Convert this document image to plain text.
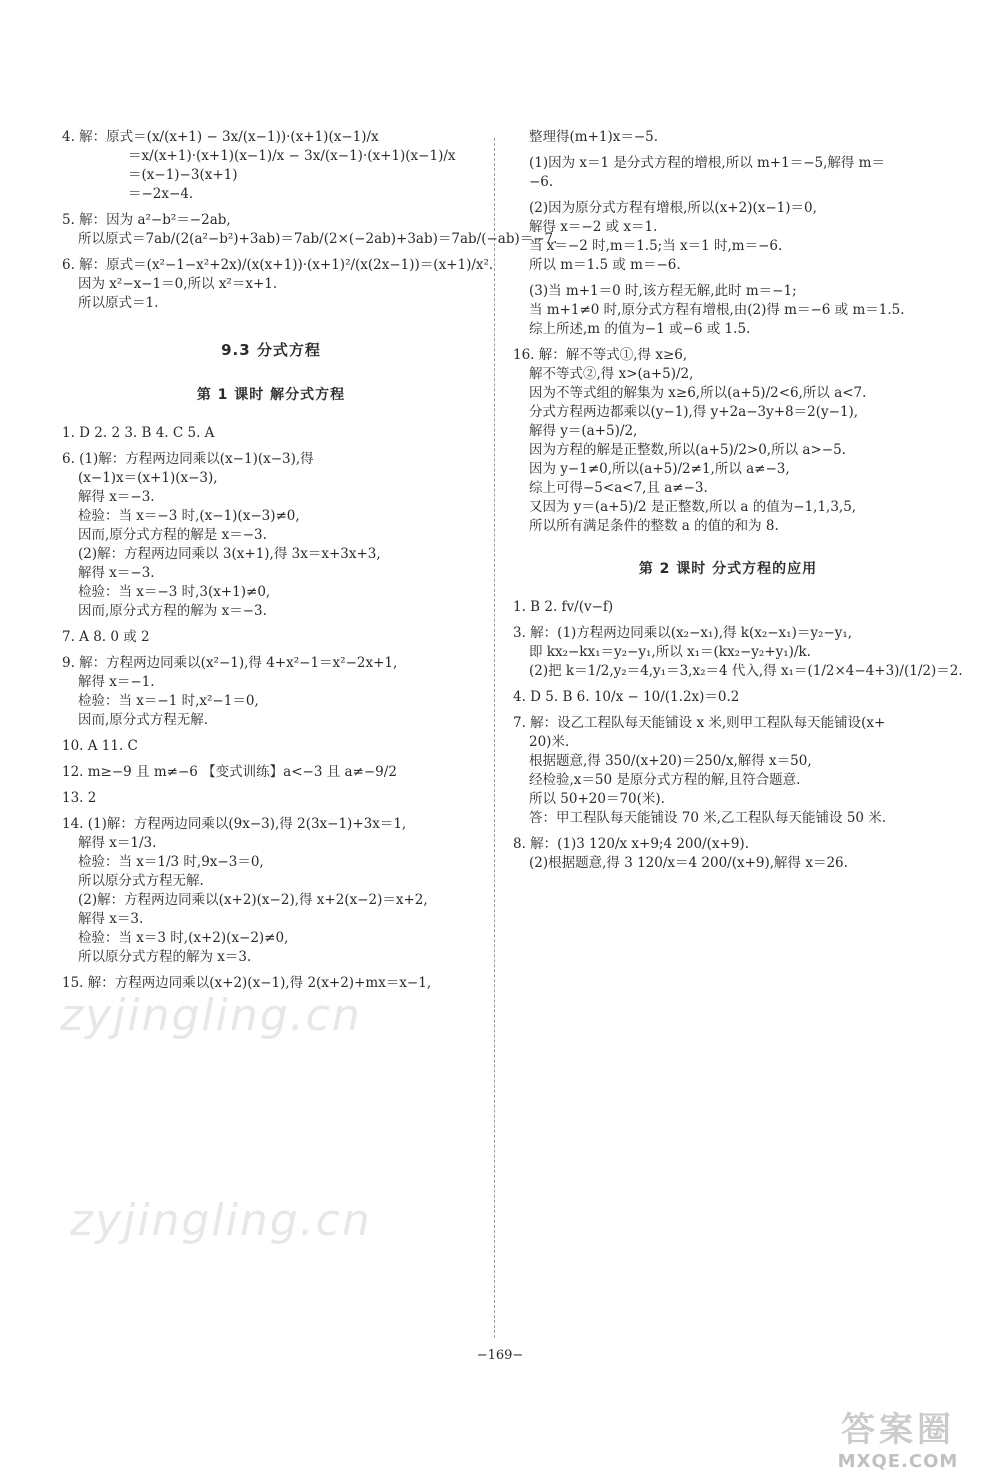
4. 解：原式＝(x/(x+1) − 3x/(x−1))·(x+1)(x−1)/x
＝x/(x+1)·(x+1)(x−1)/x − 3x/(x−1)·(x+1)(x−1)/x
＝(x−1)−3(x+1)
＝−2x−4.
5. 解：因为 a²−b²＝−2ab,
所以原式＝7ab/(2(a²−b²)+3ab)＝7ab/(2×(−2ab)+3ab)＝7ab/(−ab)＝−7.
6. 解：原式＝(x²−1−x²+2x)/(x(x+1))·(x+1)²/(x(2x−1))＝(x+1)/x².
因为 x²−x−1＝0,所以 x²＝x+1.
所以原式＝1.
9.3 分式方程
第 1 课时 解分式方程
1. D 2. 2 3. B 4. C 5. A
6. (1)解：方程两边同乘以(x−1)(x−3),得
(x−1)x＝(x+1)(x−3),
解得 x＝−3.
检验：当 x＝−3 时,(x−1)(x−3)≠0,
因而,原分式方程的解是 x＝−3.
(2)解：方程两边同乘以 3(x+1),得 3x＝x+3x+3,
解得 x＝−3.
检验：当 x＝−3 时,3(x+1)≠0,
因而,原分式方程的解为 x＝−3.
7. A 8. 0 或 2
9. 解：方程两边同乘以(x²−1),得 4+x²−1＝x²−2x+1,
解得 x＝−1.
检验：当 x＝−1 时,x²−1＝0,
因而,原分式方程无解.
10. A 11. C
12. m≥−9 且 m≠−6 【变式训练】a<−3 且 a≠−9/2
13. 2
14. (1)解：方程两边同乘以(9x−3),得 2(3x−1)+3x＝1,
解得 x＝1/3.
检验：当 x＝1/3 时,9x−3＝0,
所以原分式方程无解.
(2)解：方程两边同乘以(x+2)(x−2),得 x+2(x−2)＝x+2,
解得 x＝3.
检验：当 x＝3 时,(x+2)(x−2)≠0,
所以原分式方程的解为 x＝3.
15. 解：方程两边同乘以(x+2)(x−1),得 2(x+2)+mx＝x−1,
整理得(m+1)x＝−5.
(1)因为 x＝1 是分式方程的增根,所以 m+1＝−5,解得 m＝
−6.
(2)因为原分式方程有增根,所以(x+2)(x−1)＝0,
解得 x＝−2 或 x＝1.
当 x＝−2 时,m＝1.5;当 x＝1 时,m＝−6.
所以 m＝1.5 或 m＝−6.
(3)当 m+1＝0 时,该方程无解,此时 m＝−1;
当 m+1≠0 时,原分式方程有增根,由(2)得 m＝−6 或 m＝1.5.
综上所述,m 的值为−1 或−6 或 1.5.
16. 解：解不等式①,得 x≥6,
解不等式②,得 x>(a+5)/2,
因为不等式组的解集为 x≥6,所以(a+5)/2<6,所以 a<7.
分式方程两边都乘以(y−1),得 y+2a−3y+8＝2(y−1),
解得 y＝(a+5)/2,
因为方程的解是正整数,所以(a+5)/2>0,所以 a>−5.
因为 y−1≠0,所以(a+5)/2≠1,所以 a≠−3,
综上可得−5<a<7,且 a≠−3.
又因为 y＝(a+5)/2 是正整数,所以 a 的值为−1,1,3,5,
所以所有满足条件的整数 a 的值的和为 8.
第 2 课时 分式方程的应用
1. B 2. fv/(v−f)
3. 解：(1)方程两边同乘以(x₂−x₁),得 k(x₂−x₁)＝y₂−y₁,
即 kx₂−kx₁＝y₂−y₁,所以 x₁＝(kx₂−y₂+y₁)/k.
(2)把 k＝1/2,y₂＝4,y₁＝3,x₂＝4 代入,得 x₁＝(1/2×4−4+3)/(1/2)＝2.
4. D 5. B 6. 10/x − 10/(1.2x)＝0.2
7. 解：设乙工程队每天能铺设 x 米,则甲工程队每天能铺设(x+
20)米.
根据题意,得 350/(x+20)＝250/x,解得 x＝50,
经检验,x＝50 是原分式方程的解,且符合题意.
所以 50+20＝70(米).
答：甲工程队每天能铺设 70 米,乙工程队每天能铺设 50 米.
8. 解：(1)3 120/x x+9;4 200/(x+9).
(2)根据题意,得 3 120/x＝4 200/(x+9),解得 x＝26.
−169−
zyjingling.cn
zyjingling.cn
答案圈
MXQE.COM
